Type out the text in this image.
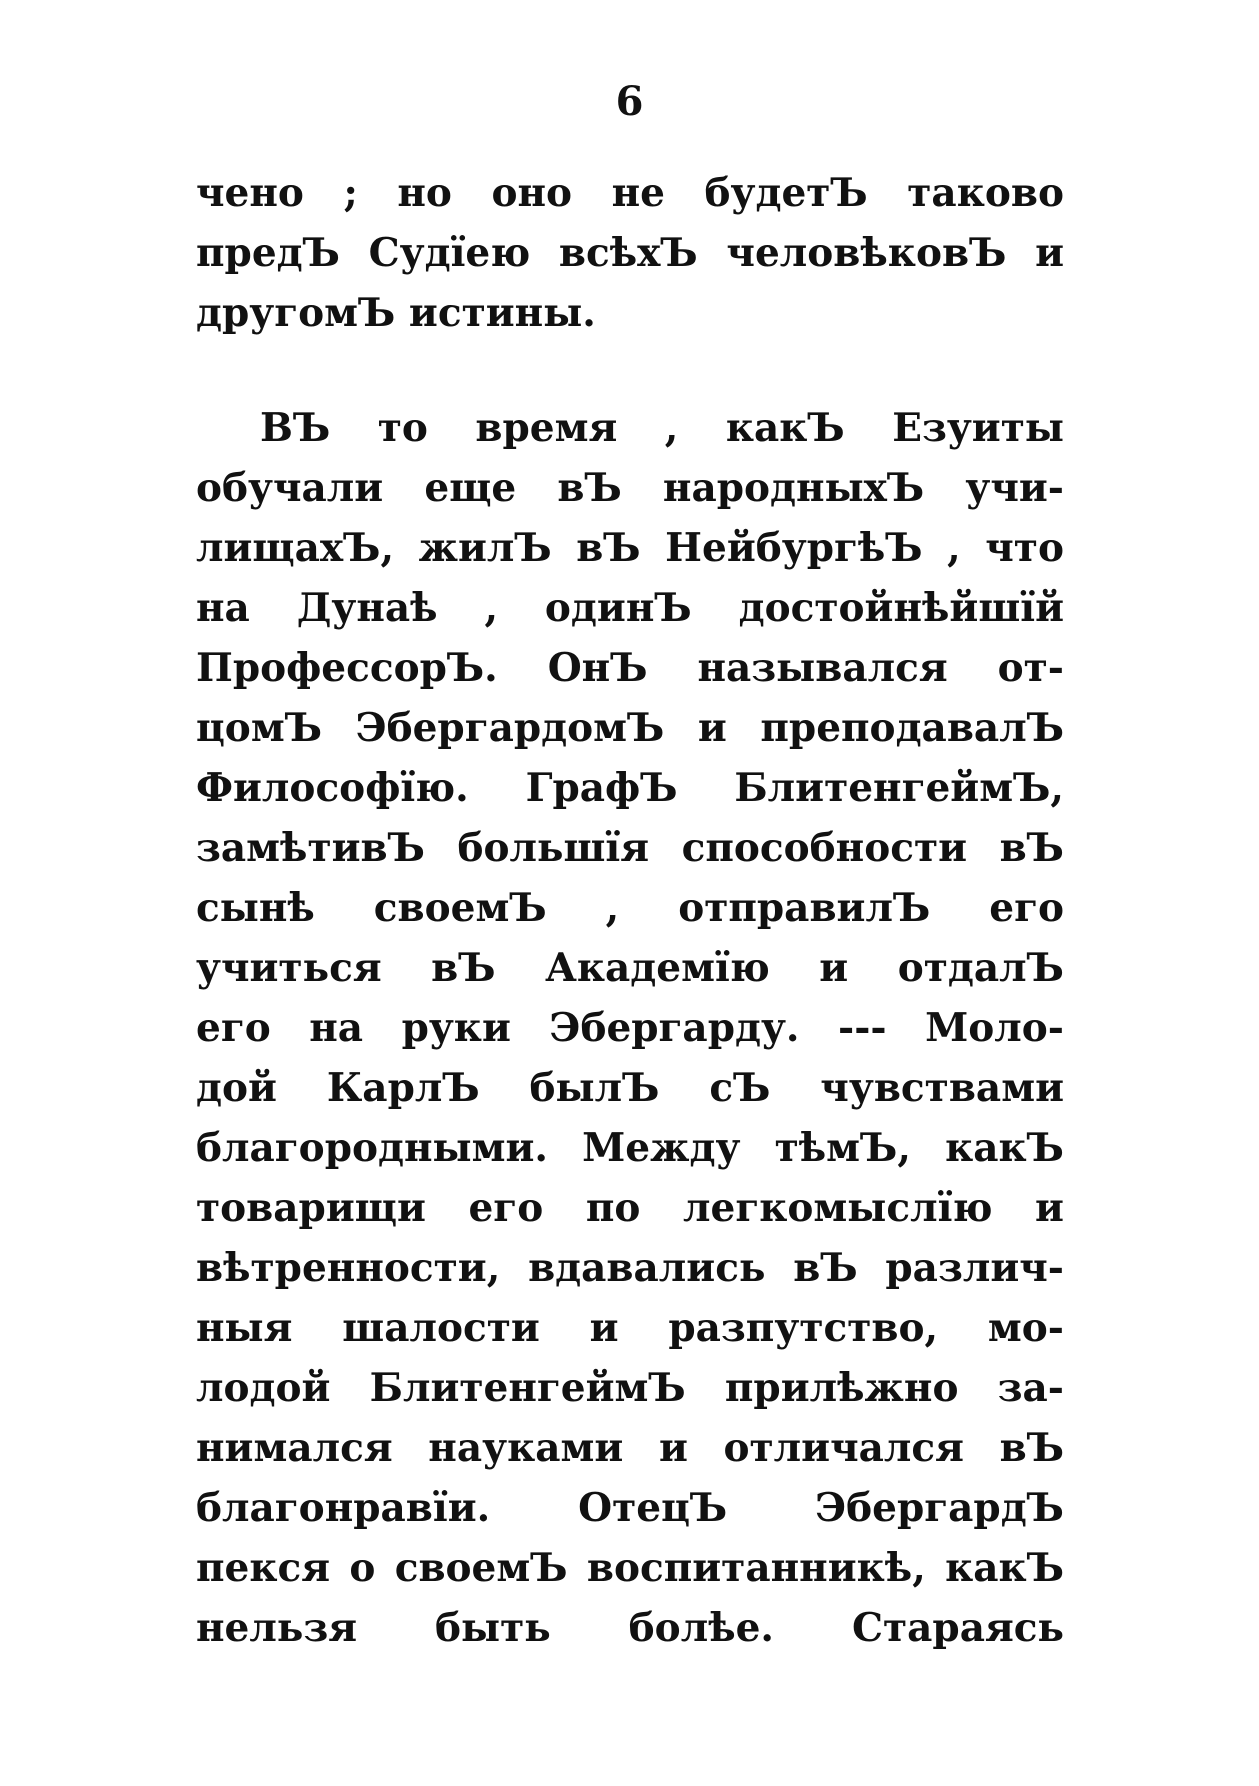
6
чено ; но оно не будетЪ таково
предЪ Судїею всѣхЪ человѣковЪ и
другомЪ истины.
ВЪ то время , какЪ Езуиты
обучали еще вЪ народныхЪ учи-
лищахЪ, жилЪ вЪ НейбургѣЪ , что
на Дунаѣ , одинЪ достойнѣйшїй
ПрофессорЪ. ОнЪ назывался от-
цомЪ ЭбергардомЪ и преподавалЪ
Философїю. ГрафЪ БлитенгеймЪ,
замѣтивЪ большїя способности вЪ
сынѣ своемЪ , отправилЪ его
учиться вЪ Академїю и отдалЪ
его на руки Эбергарду. --- Моло-
дой КарлЪ былЪ сЪ чувствами
благородными. Между тѣмЪ, какЪ
товарищи его по легкомыслїю и
вѣтренности, вдавались вЪ различ-
ныя шалости и разпутство, мо-
лодой БлитенгеймЪ прилѣжно за-
нимался науками и отличался вЪ
благонравїи. ОтецЪ ЭбергардЪ
пекся о своемЪ воспитанникѣ, какЪ
нельзя быть болѣе. Стараясь
